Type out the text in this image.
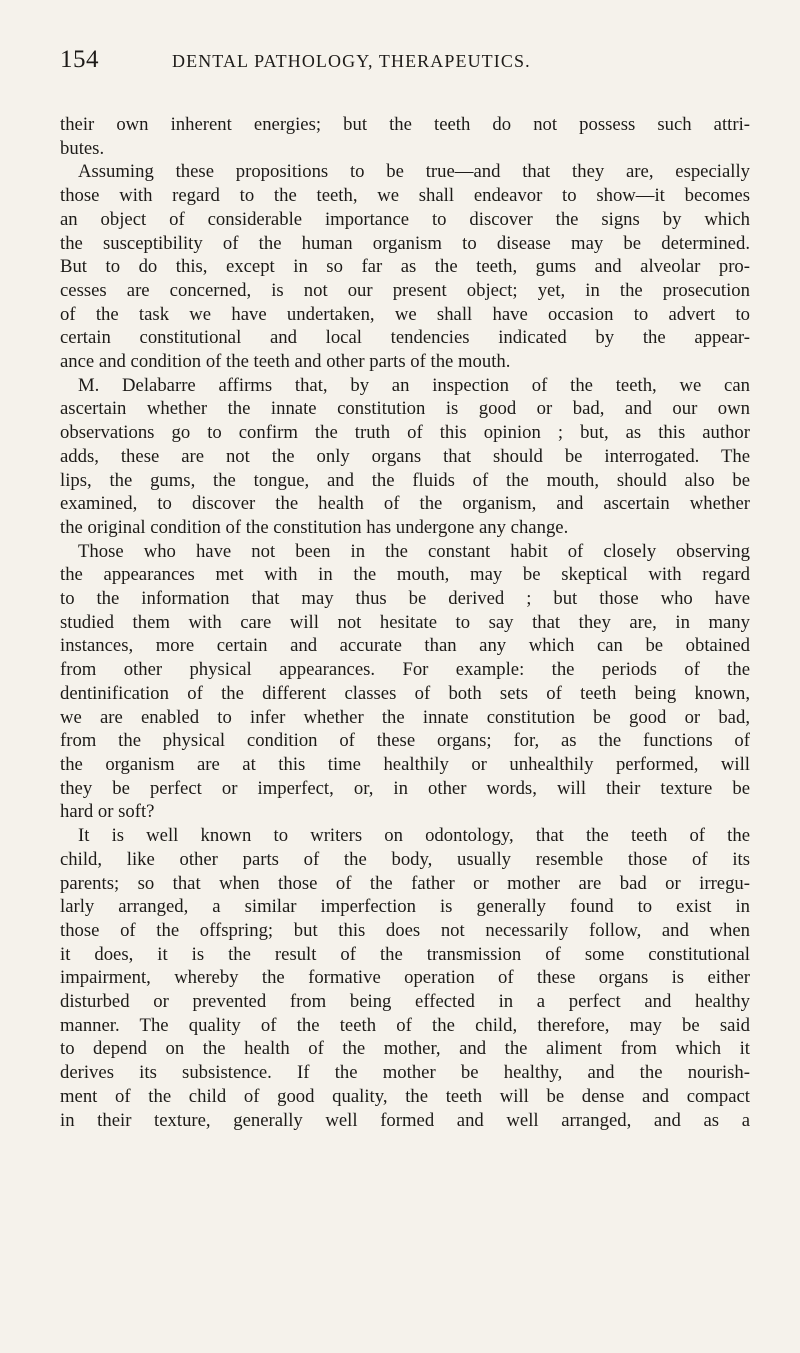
154	DENTAL PATHOLOGY, THERAPEUTICS.
their own inherent energies; but the teeth do not possess such attri-
butes.
Assuming these propositions to be true—and that they are, especially
those with regard to the teeth, we shall endeavor to show—it becomes
an object of considerable importance to discover the signs by which
the susceptibility of the human organism to disease may be determined.
But to do this, except in so far as the teeth, gums and alveolar pro-
cesses are concerned, is not our present object; yet, in the prosecution
of the task we have undertaken, we shall have occasion to advert to
certain constitutional and local tendencies indicated by the appear-
ance and condition of the teeth and other parts of the mouth.
M. Delabarre affirms that, by an inspection of the teeth, we can
ascertain whether the innate constitution is good or bad, and our own
observations go to confirm the truth of this opinion ; but, as this author
adds, these are not the only organs that should be interrogated. The
lips, the gums, the tongue, and the fluids of the mouth, should also be
examined, to discover the health of the organism, and ascertain whether
the original condition of the constitution has undergone any change.
Those who have not been in the constant habit of closely observing
the appearances met with in the mouth, may be skeptical with regard
to the information that may thus be derived ; but those who have
studied them with care will not hesitate to say that they are, in many
instances, more certain and accurate than any which can be obtained
from other physical appearances. For example: the periods of the
dentinification of the different classes of both sets of teeth being known,
we are enabled to infer whether the innate constitution be good or bad,
from the physical condition of these organs; for, as the functions of
the organism are at this time healthily or unhealthily performed, will
they be perfect or imperfect, or, in other words, will their texture be
hard or soft?
It is well known to writers on odontology, that the teeth of the
child, like other parts of the body, usually resemble those of its
parents; so that when those of the father or mother are bad or irregu-
larly arranged, a similar imperfection is generally found to exist in
those of the offspring; but this does not necessarily follow, and when
it does, it is the result of the transmission of some constitutional
impairment, whereby the formative operation of these organs is either
disturbed or prevented from being effected in a perfect and healthy
manner. The quality of the teeth of the child, therefore, may be said
to depend on the health of the mother, and the aliment from which it
derives its subsistence. If the mother be healthy, and the nourish-
ment of the child of good quality, the teeth will be dense and compact
in their texture, generally well formed and well arranged, and as a
